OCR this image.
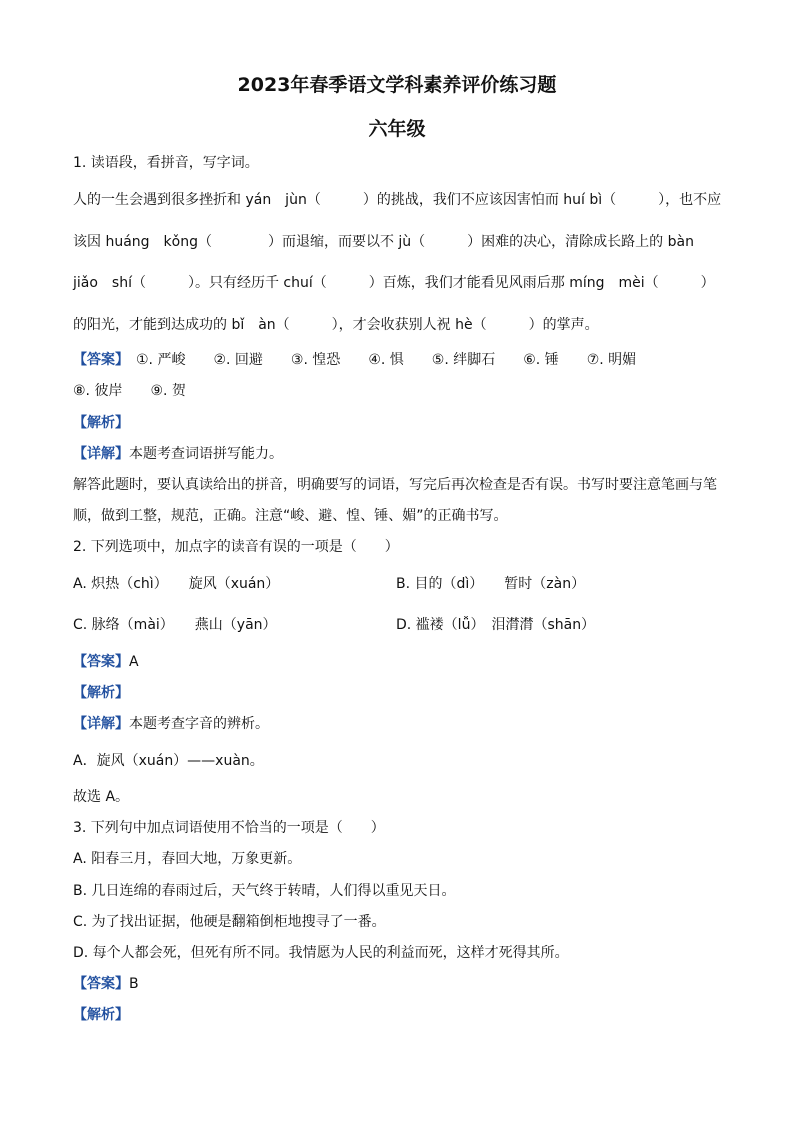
2023年春季语文学科素养评价练习题
六年级
1. 读语段，看拼音，写字词。
人的一生会遇到很多挫折和 yán　jùn（　　　）的挑战，我们不应该因害怕而 huí bì（　　　），也不应
该因 huáng　kǒng（　　　　）而退缩，而要以不 jù（　　　）困难的决心，清除成长路上的 bàn
jiǎo　shí（　　　）。只有经历千 chuí（　　　）百炼，我们才能看见风雨后那 míng　mèi（　　　）
的阳光，才能到达成功的 bǐ　àn（　　　），才会收获别人祝 hè（　　　）的掌声。
【答案】　①. 严峻　　②. 回避　　③. 惶恐　　④. 惧　　⑤. 绊脚石　　⑥. 锤　　⑦. 明媚
⑧. 彼岸　　⑨. 贺
【解析】
【详解】本题考查词语拼写能力。
解答此题时，要认真读给出的拼音，明确要写的词语，写完后再次检查是否有误。书写时要注意笔画与笔
顺，做到工整，规范，正确。注意“峻、避、惶、锤、媚”的正确书写。
2. 下列选项中，加点字的读音有误的一项是（　　）
A. 炽热（chì）　　旋风（xuán）	B. 目的（dì）　　暂时（zàn）
C. 脉络（mài）　　燕山（yān）	D. 褴褛（lǚ）　泪潸潸（shān）
【答案】A
【解析】
【详解】本题考查字音的辨析。
A．旋风（xuán）——xuàn。
故选 A。
3. 下列句中加点词语使用不恰当的一项是（　　）
A. 阳春三月，春回大地，万象更新。
B. 几日连绵的春雨过后，天气终于转晴，人们得以重见天日。
C. 为了找出证据，他硬是翻箱倒柜地搜寻了一番。
D. 每个人都会死，但死有所不同。我情愿为人民的利益而死，这样才死得其所。
【答案】B
【解析】
